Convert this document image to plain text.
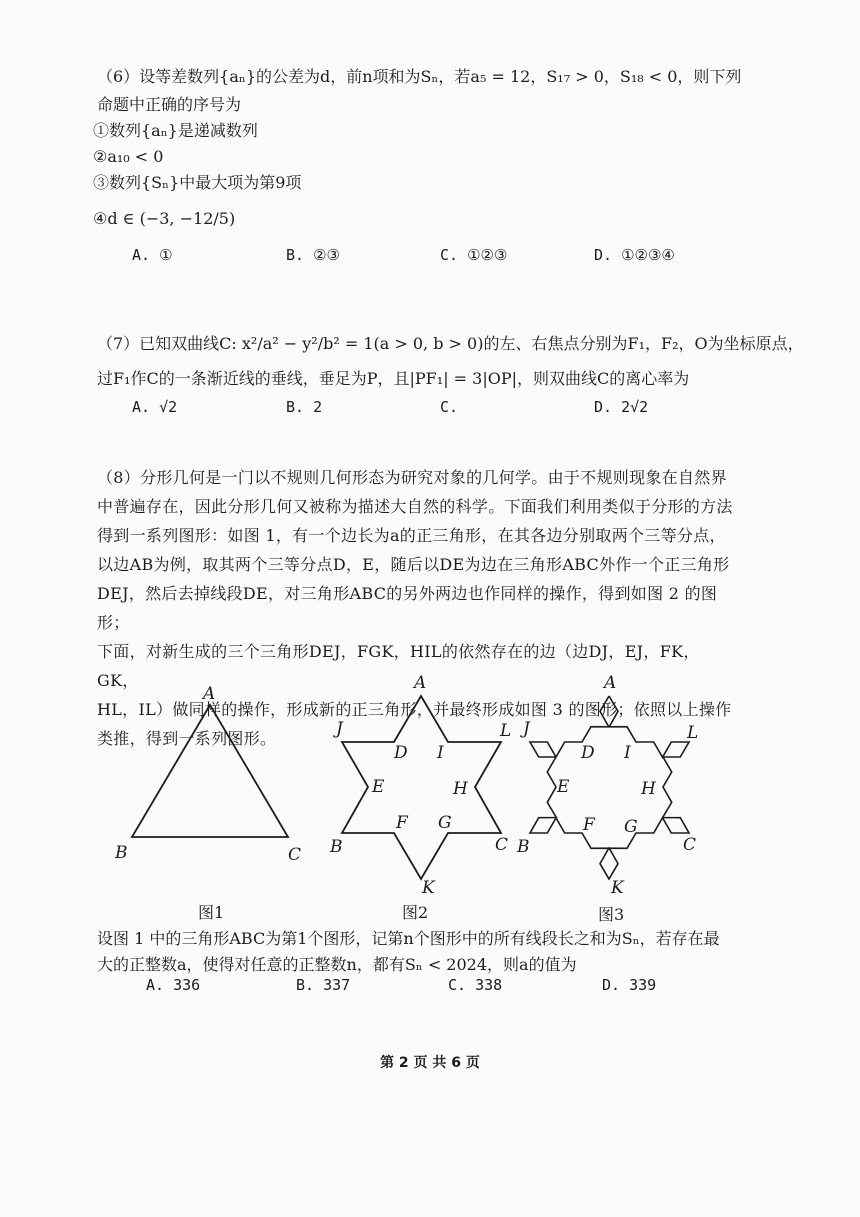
（6）设等差数列{aₙ}的公差为d，前n项和为Sₙ，若a₅ = 12，S₁₇ > 0，S₁₈ < 0，则下列
命题中正确的序号为
①数列{aₙ}是递减数列
②a₁₀ < 0
③数列{Sₙ}中最大项为第9项
④d ∈ (−3, −12/5)
A. ①	B. ②③	C. ①②③	D. ①②③④
（7）已知双曲线C: x²/a² − y²/b² = 1(a > 0, b > 0)的左、右焦点分别为F₁，F₂，O为坐标原点，
过F₁作C的一条渐近线的垂线，垂足为P，且|PF₁| = 3|OP|，则双曲线C的离心率为
A. √2	B. 2	C.	D. 2√2
（8）分形几何是一门以不规则几何形态为研究对象的几何学。由于不规则现象在自然界
中普遍存在，因此分形几何又被称为描述大自然的科学。下面我们利用类似于分形的方法
得到一系列图形：如图 1，有一个边长为a的正三角形，在其各边分别取两个三等分点，
以边AB为例，取其两个三等分点D，E，随后以DE为边在三角形ABC外作一个正三角形
DEJ，然后去掉线段DE，对三角形ABC的另外两边也作同样的操作，得到如图 2 的图形；
下面，对新生成的三个三角形DEJ，FGK，HIL的依然存在的边（边DJ，EJ，FK，GK，
HL，IL）做同样的操作，形成新的正三角形，并最终形成如图 3 的图形；依照以上操作
类推，得到一系列图形。
A
B	C
A
J	L
D I
E	H
F G
B	C
K
A
J	L
D I
E	H
F G
B	C
K
图1	图2	图3
设图 1 中的三角形ABC为第1个图形，记第n个图形中的所有线段长之和为Sₙ，若存在最
大的正整数a，使得对任意的正整数n，都有Sₙ < 2024，则a的值为
A. 336	B. 337	C. 338	D. 339
第 2 页 共 6 页
